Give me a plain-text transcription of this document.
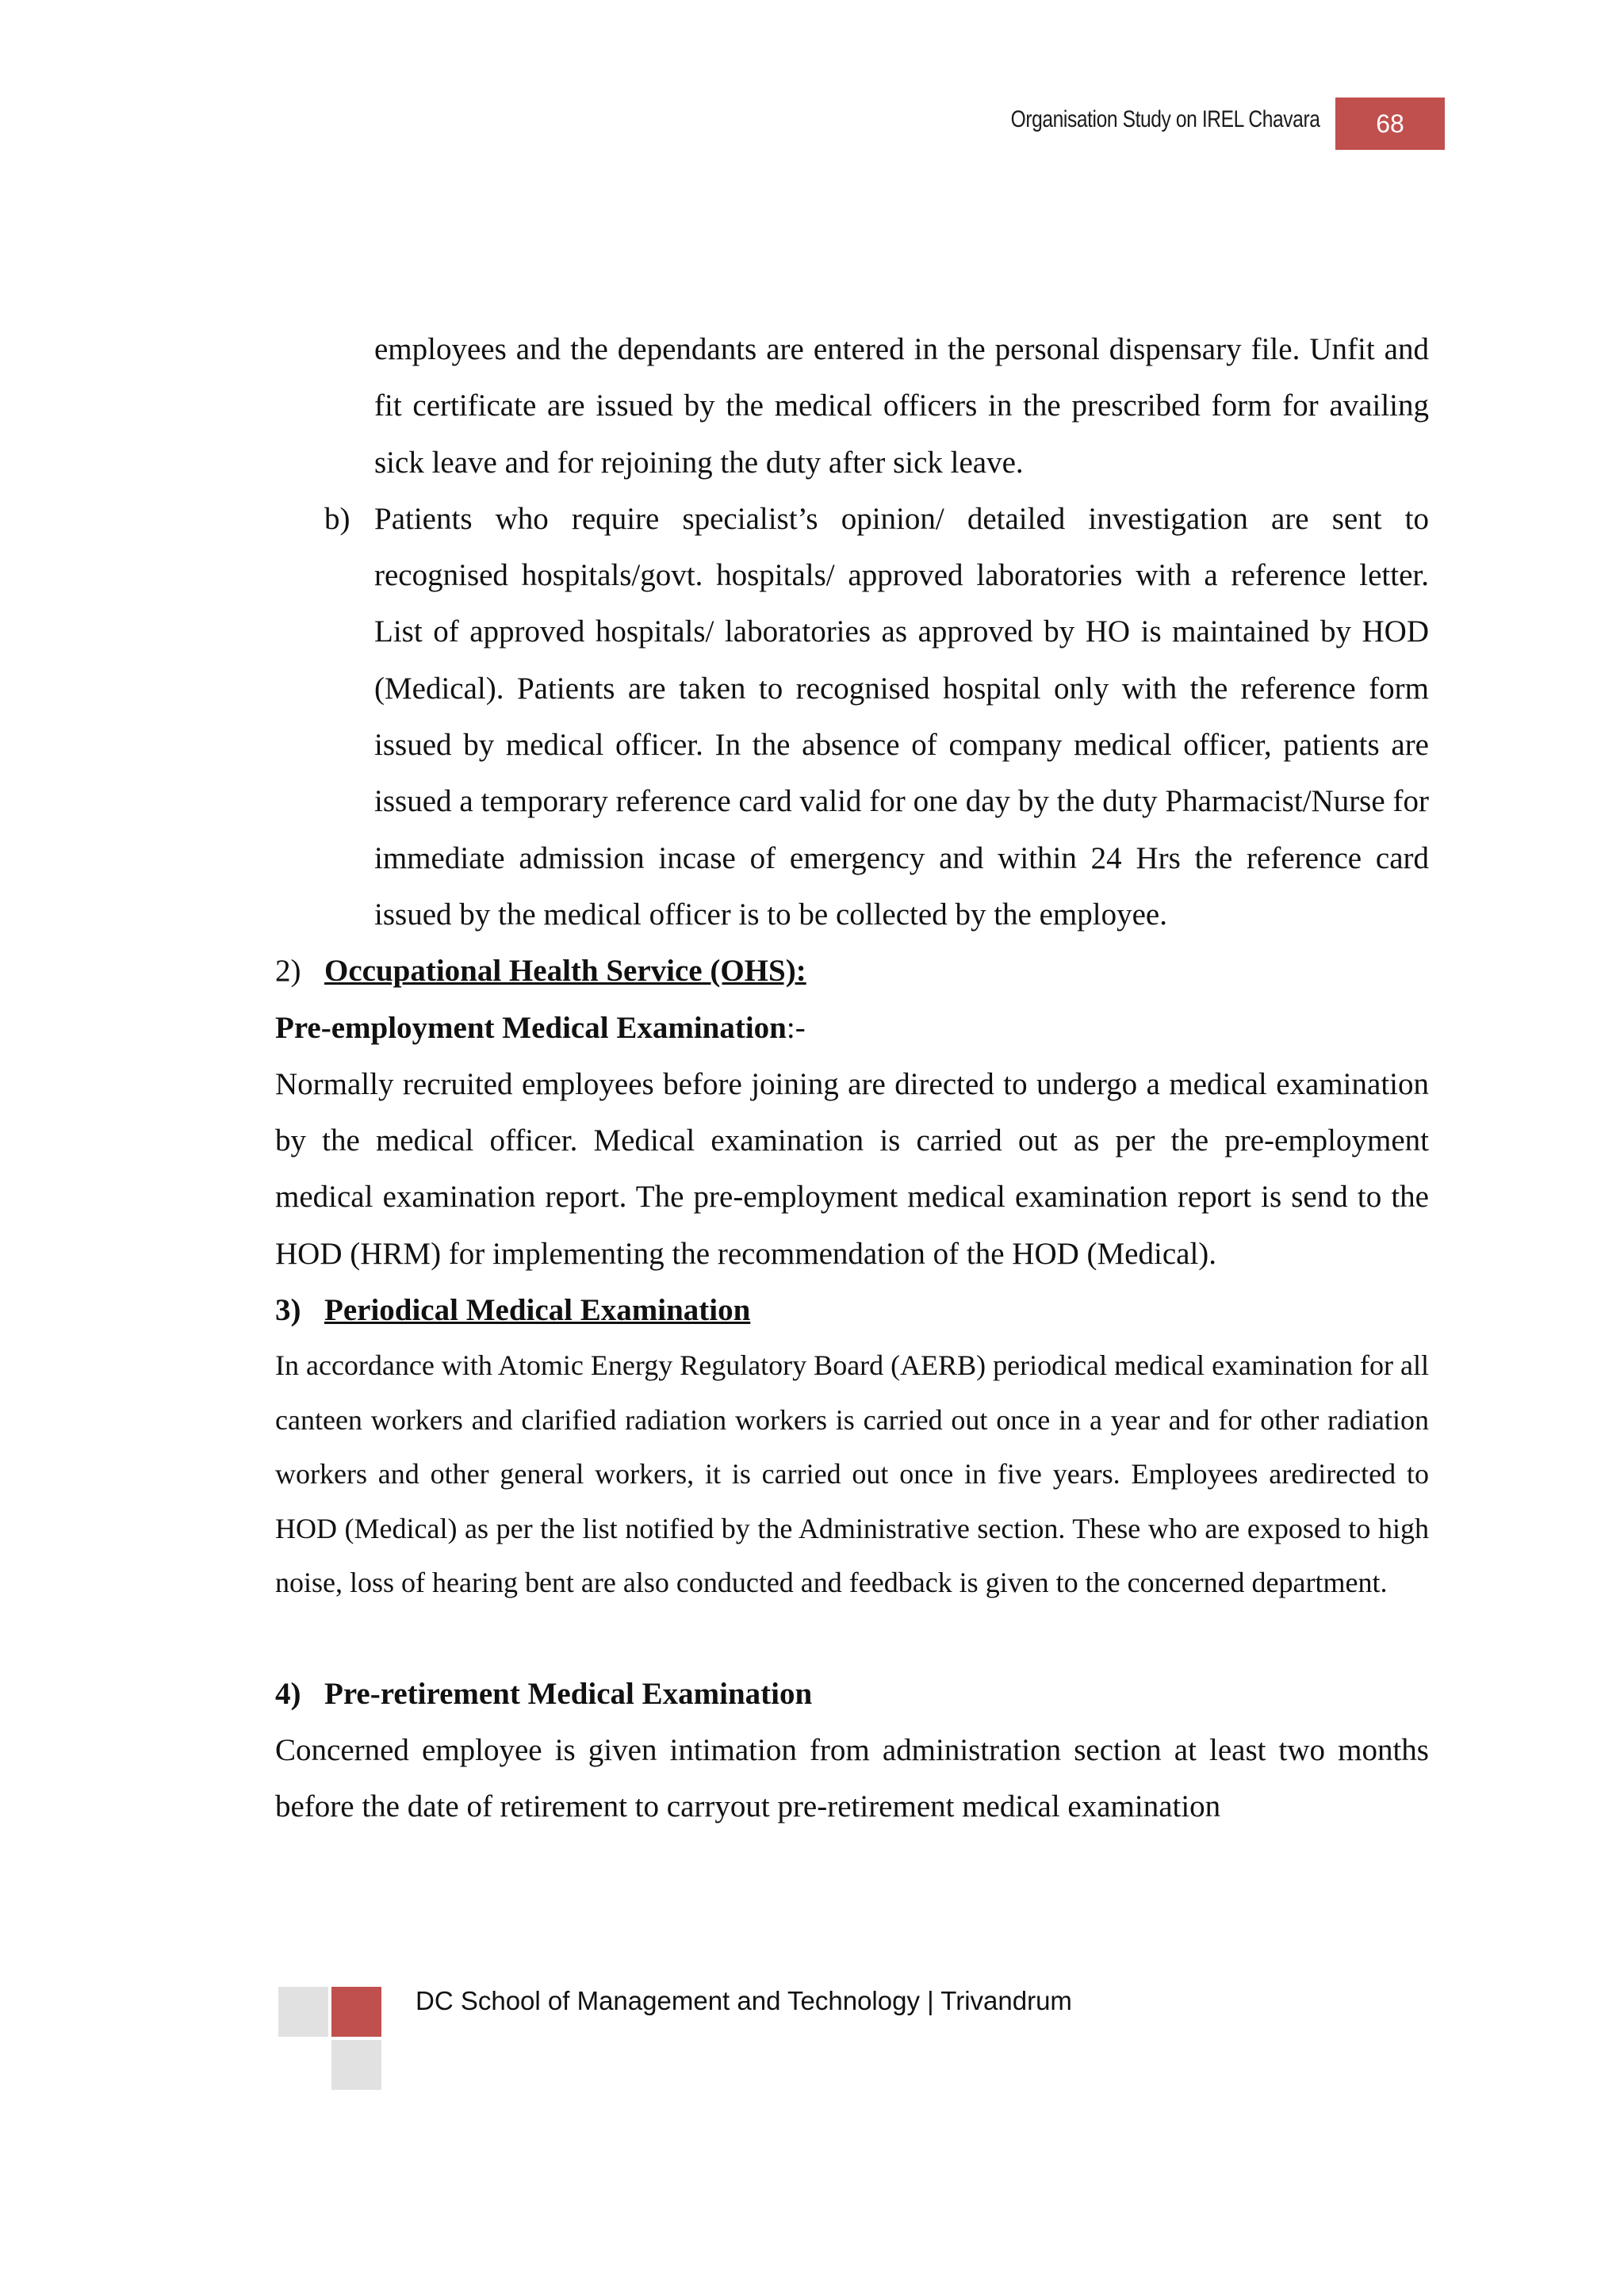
Organisation Study on IREL Chavara	68

employees and the dependants are entered in the personal dispensary file. Unfit and fit certificate are issued by the medical officers in the prescribed form for availing sick leave and for rejoining the duty after sick leave.

b) Patients who require specialist’s opinion/ detailed investigation are sent to recognised hospitals/govt. hospitals/ approved laboratories with a reference letter. List of approved hospitals/ laboratories as approved by HO is maintained by HOD (Medical). Patients are taken to recognised hospital only with the reference form issued by medical officer. In the absence of company medical officer, patients are issued a temporary reference card valid for one day by the duty Pharmacist/Nurse for immediate admission incase of emergency and within 24 Hrs the reference card issued by the medical officer is to be collected by the employee.
2) Occupational Health Service (OHS):
Pre-employment Medical Examination:-

Normally recruited employees before joining are directed to undergo a medical examination by the medical officer. Medical examination is carried out as per the pre-employment medical examination report. The pre-employment medical examination report is send to the HOD (HRM) for implementing the recommendation of the HOD (Medical).

3) Periodical Medical Examination

In accordance with Atomic Energy Regulatory Board (AERB) periodical medical examination for all canteen workers and clarified radiation workers is carried out once in a year and for other radiation workers and other general workers, it is carried out once in five years. Employees aredirected to HOD (Medical) as per the list notified by the Administrative section. These who are exposed to high noise, loss of hearing bent are also conducted and feedback is given to the concerned department.

4) Pre-retirement Medical Examination

Concerned employee is given intimation from administration section at least two months before the date of retirement to carryout pre-retirement medical examination

DC School of Management and Technology | Trivandrum
